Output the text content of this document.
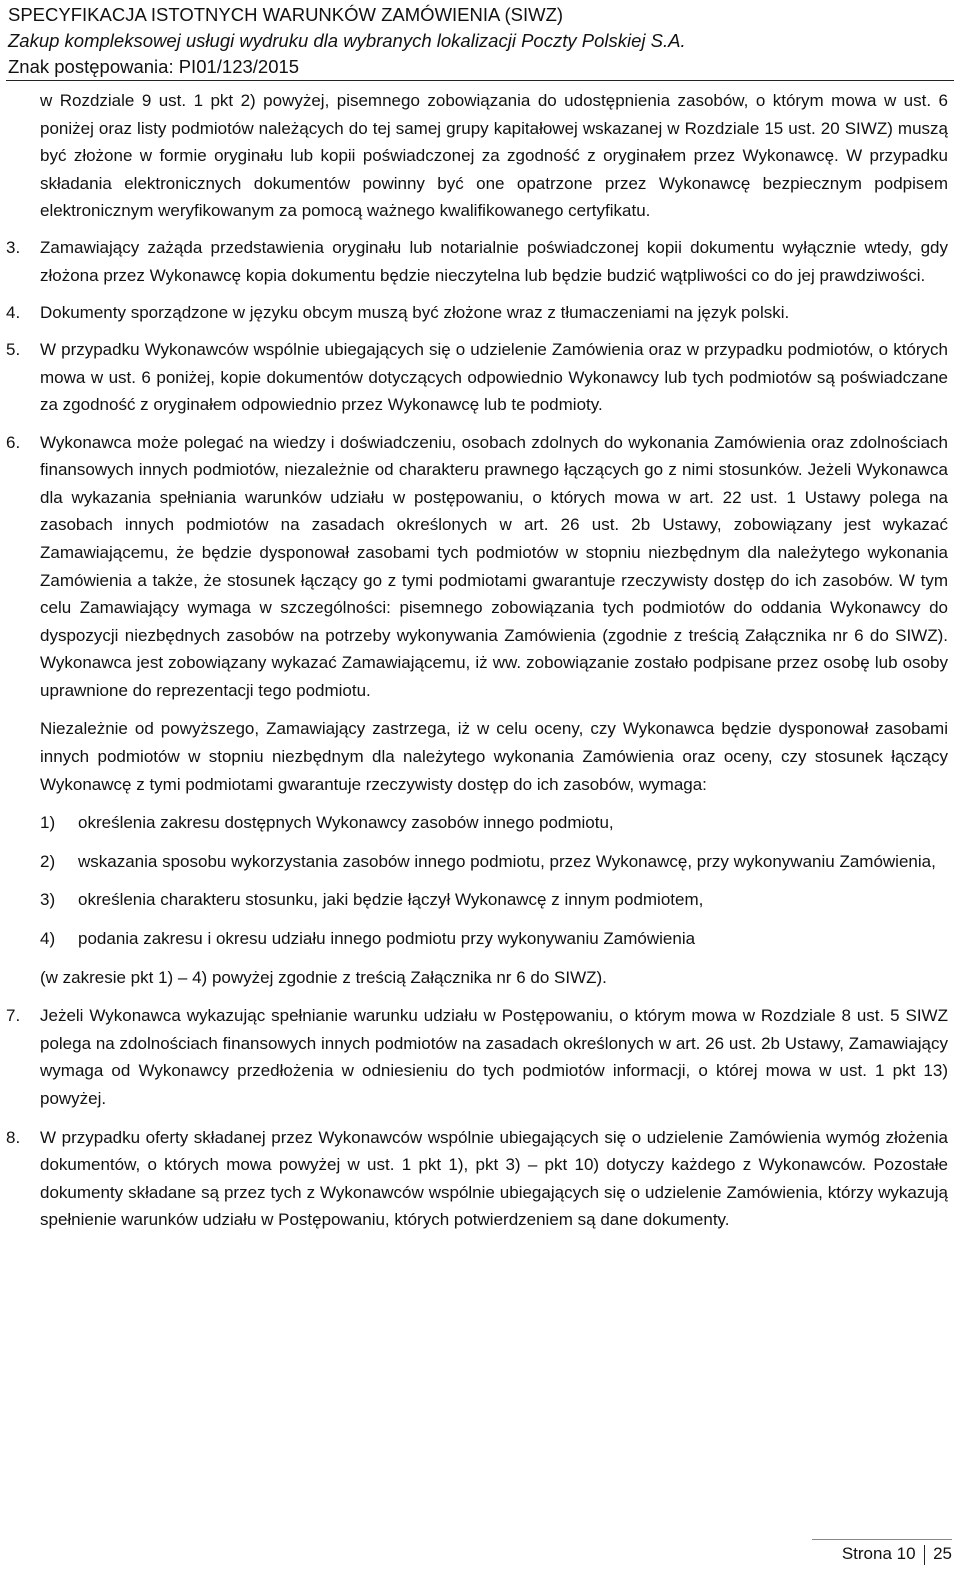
SPECYFIKACJA ISTOTNYCH WARUNKÓW ZAMÓWIENIA (SIWZ)
Zakup kompleksowej usługi wydruku dla wybranych lokalizacji Poczty Polskiej S.A.
Znak postępowania: PI01/123/2015

w Rozdziale 9 ust. 1 pkt 2) powyżej, pisemnego zobowiązania do udostępnienia zasobów, o którym mowa w ust. 6 poniżej oraz listy podmiotów należących do tej samej grupy kapitałowej wskazanej w Rozdziale 15 ust. 20 SIWZ) muszą być złożone w formie oryginału lub kopii poświadczonej za zgodność z oryginałem przez Wykonawcę. W przypadku składania elektronicznych dokumentów powinny być one opatrzone przez Wykonawcę bezpiecznym podpisem elektronicznym weryfikowanym za pomocą ważnego kwalifikowanego certyfikatu.

3. Zamawiający zażąda przedstawienia oryginału lub notarialnie poświadczonej kopii dokumentu wyłącznie wtedy, gdy złożona przez Wykonawcę kopia dokumentu będzie nieczytelna lub będzie budzić wątpliwości co do jej prawdziwości.

4. Dokumenty sporządzone w języku obcym muszą być złożone wraz z tłumaczeniami na język polski.

5. W przypadku Wykonawców wspólnie ubiegających się o udzielenie Zamówienia oraz w przypadku podmiotów, o których mowa w ust. 6 poniżej, kopie dokumentów dotyczących odpowiednio Wykonawcy lub tych podmiotów są poświadczane za zgodność z oryginałem odpowiednio przez Wykonawcę lub te podmioty.

6. Wykonawca może polegać na wiedzy i doświadczeniu, osobach zdolnych do wykonania Zamówienia oraz zdolnościach finansowych innych podmiotów, niezależnie od charakteru prawnego łączących go z nimi stosunków. Jeżeli Wykonawca dla wykazania spełniania warunków udziału w postępowaniu, o których mowa w art. 22 ust. 1 Ustawy polega na zasobach innych podmiotów na zasadach określonych w art. 26 ust. 2b Ustawy, zobowiązany jest wykazać Zamawiającemu, że będzie dysponował zasobami tych podmiotów w stopniu niezbędnym dla należytego wykonania Zamówienia a także, że stosunek łączący go z tymi podmiotami gwarantuje rzeczywisty dostęp do ich zasobów. W tym celu Zamawiający wymaga w szczególności: pisemnego zobowiązania tych podmiotów do oddania Wykonawcy do dyspozycji niezbędnych zasobów na potrzeby wykonywania Zamówienia (zgodnie z treścią Załącznika nr 6 do SIWZ). Wykonawca jest zobowiązany wykazać Zamawiającemu, iż ww. zobowiązanie zostało podpisane przez osobę lub osoby uprawnione do reprezentacji tego podmiotu.

Niezależnie od powyższego, Zamawiający zastrzega, iż w celu oceny, czy Wykonawca będzie dysponował zasobami innych podmiotów w stopniu niezbędnym dla należytego wykonania Zamówienia oraz oceny, czy stosunek łączący Wykonawcę z tymi podmiotami gwarantuje rzeczywisty dostęp do ich zasobów, wymaga:

1) określenia zakresu dostępnych Wykonawcy zasobów innego podmiotu,

2) wskazania sposobu wykorzystania zasobów innego podmiotu, przez Wykonawcę, przy wykonywaniu Zamówienia,

3) określenia charakteru stosunku, jaki będzie łączył Wykonawcę z innym podmiotem,

4) podania zakresu i okresu udziału innego podmiotu przy wykonywaniu Zamówienia

(w zakresie pkt 1) – 4) powyżej zgodnie z treścią Załącznika nr 6 do SIWZ).

7. Jeżeli Wykonawca wykazując spełnianie warunku udziału w Postępowaniu, o którym mowa w Rozdziale 8 ust. 5 SIWZ polega na zdolnościach finansowych innych podmiotów na zasadach określonych w art. 26 ust. 2b Ustawy, Zamawiający wymaga od Wykonawcy przedłożenia w odniesieniu do tych podmiotów informacji, o której mowa w ust. 1 pkt 13) powyżej.

8. W przypadku oferty składanej przez Wykonawców wspólnie ubiegających się o udzielenie Zamówienia wymóg złożenia dokumentów, o których mowa powyżej w ust. 1 pkt 1), pkt 3) – pkt 10) dotyczy każdego z Wykonawców. Pozostałe dokumenty składane są przez tych z Wykonawców wspólnie ubiegających się o udzielenie Zamówienia, którzy wykazują spełnienie warunków udziału w Postępowaniu, których potwierdzeniem są dane dokumenty.

Strona 10 25
